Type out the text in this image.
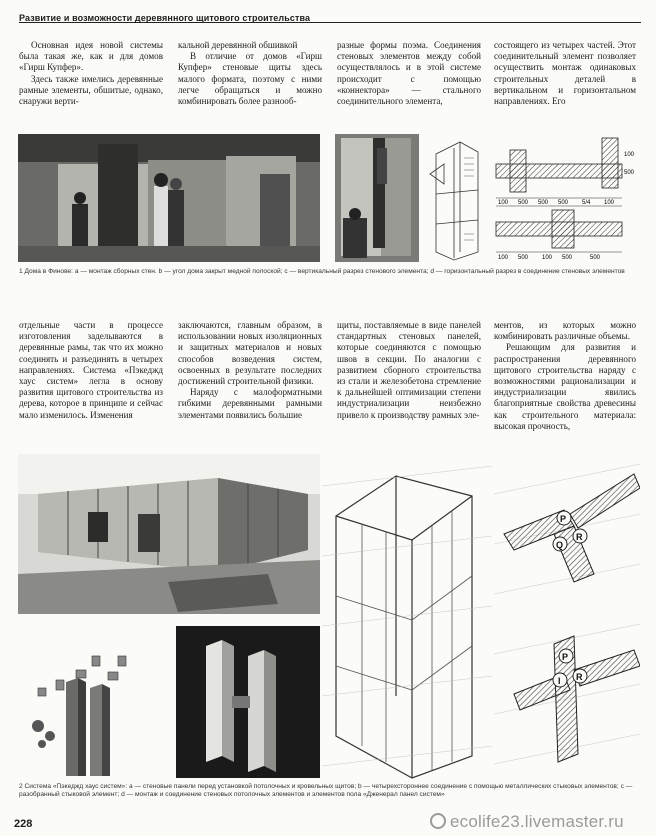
Развитие и возможности деревянного щитового строительства

Основная идея новой системы была такая же, как и для домов «Гирш Купфер».

Здесь также имелись деревянные рамные элементы, обшитые, однако, снаружи верти-

кальной деревянной обшивкой

В отличие от домов «Гирш Купфер» стеновые щиты здесь малого формата, поэтому с ними легче обращаться и можно комбинировать более разнооб-

разные формы поэма. Соединения стеновых элементов между собой осуществлялось и в этой системе происходит с помощью «коннектора» — стального соединительного элемента,

состоящего из четырех частей. Этот соединительный элемент позволяет осуществить монтаж одинаковых строительных деталей в вертикальном и горизонтальном направлениях. Его

100
500
100 500 500 500 5/4 100
100 500 100 500	500
1 Дома в Финове: а — монтаж сборных стен. b — угол дома закрыт медной полоской; с — вертикальный разрез стенового элемента; d — горизонтальный разрез в соединение стеновых элементов

отдельные части в процессе изготовления заделываются в деревянные рамы, так что их можно соединять и разъединять в четырех направлениях. Система «Пэкеджд хаус систем» легла в основу развития щитового строительства из дерева, которое в принципе и сейчас мало изменилось. Изменения

заключаются, главным образом, в использовании новых изоляционных и защитных материалов и новых способов возведения систем, освоенных в результате последних достижений строительной физики.

Наряду с малоформатными гибкими деревянными рамными элементами появились большие

щиты, поставляемые в виде панелей стандартных стеновых панелей, которые соединяются с помощью швов в секции. По аналогии с развитием сборного строительства из стали и железобетона стремление к дальнейшей оптимизации степени индустриализации неизбежно привело к производству рамных эле-

ментов, из которых можно комбинировать различные объемы.

Решающим для развития и распространения деревянного щитового строительства наряду с возможностями рационализации и индустриализации явились благоприятные свойства древесины как строительного материала: высокая прочность,

P
R
Q
P
I R
2 Система «Пэкеджд хаус систем»: а — стеновые панели перед установкой потолочных и кровельных щитов; b — четырехстороннее соединение с помощью металлических стыковых элементов; с — разобранный стыковой элемент; d — монтаж и соединение стеновых потолочных элементов и элементов пола «Дженерал панел систем»
228	ecolife23.livemaster.ru
